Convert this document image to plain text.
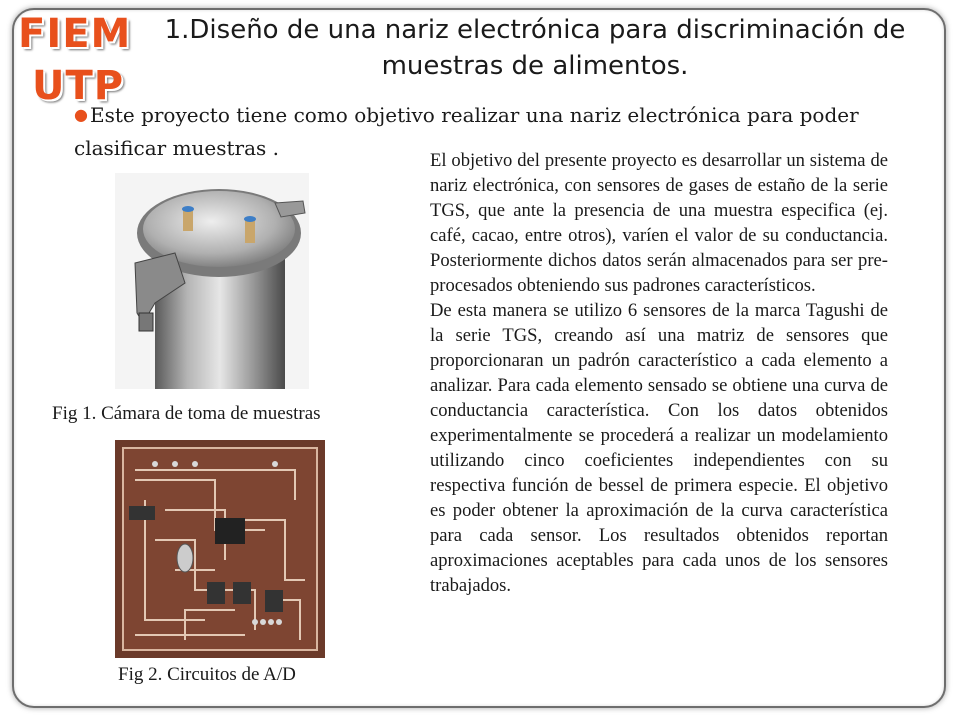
FIEM
UTP
1.Diseño de una nariz electrónica para discriminación de muestras de alimentos.
● Este proyecto tiene como objetivo realizar una nariz electrónica para poder clasificar muestras .
Fig 1. Cámara de toma de muestras
Fig 2. Circuitos de A/D

El objetivo del presente proyecto es desarrollar un sistema de nariz electrónica, con sensores de gases de estaño de la serie TGS, que ante la presencia de una muestra especifica (ej. café, cacao, entre otros), varíen el valor de su conductancia. Posteriormente dichos datos serán almacenados para ser pre-procesados obteniendo sus padrones característicos.

De esta manera se utilizo 6 sensores de la marca Tagushi de la serie TGS, creando así una matriz de sensores que proporcionaran un padrón característico a cada elemento a analizar. Para cada elemento sensado se obtiene una curva de conductancia característica. Con los datos obtenidos experimentalmente se procederá a realizar un modelamiento utilizando cinco coeficientes independientes con su respectiva función de bessel de primera especie. El objetivo es poder obtener la aproximación de la curva característica para cada sensor. Los resultados obtenidos reportan aproximaciones aceptables para cada unos de los sensores trabajados.
